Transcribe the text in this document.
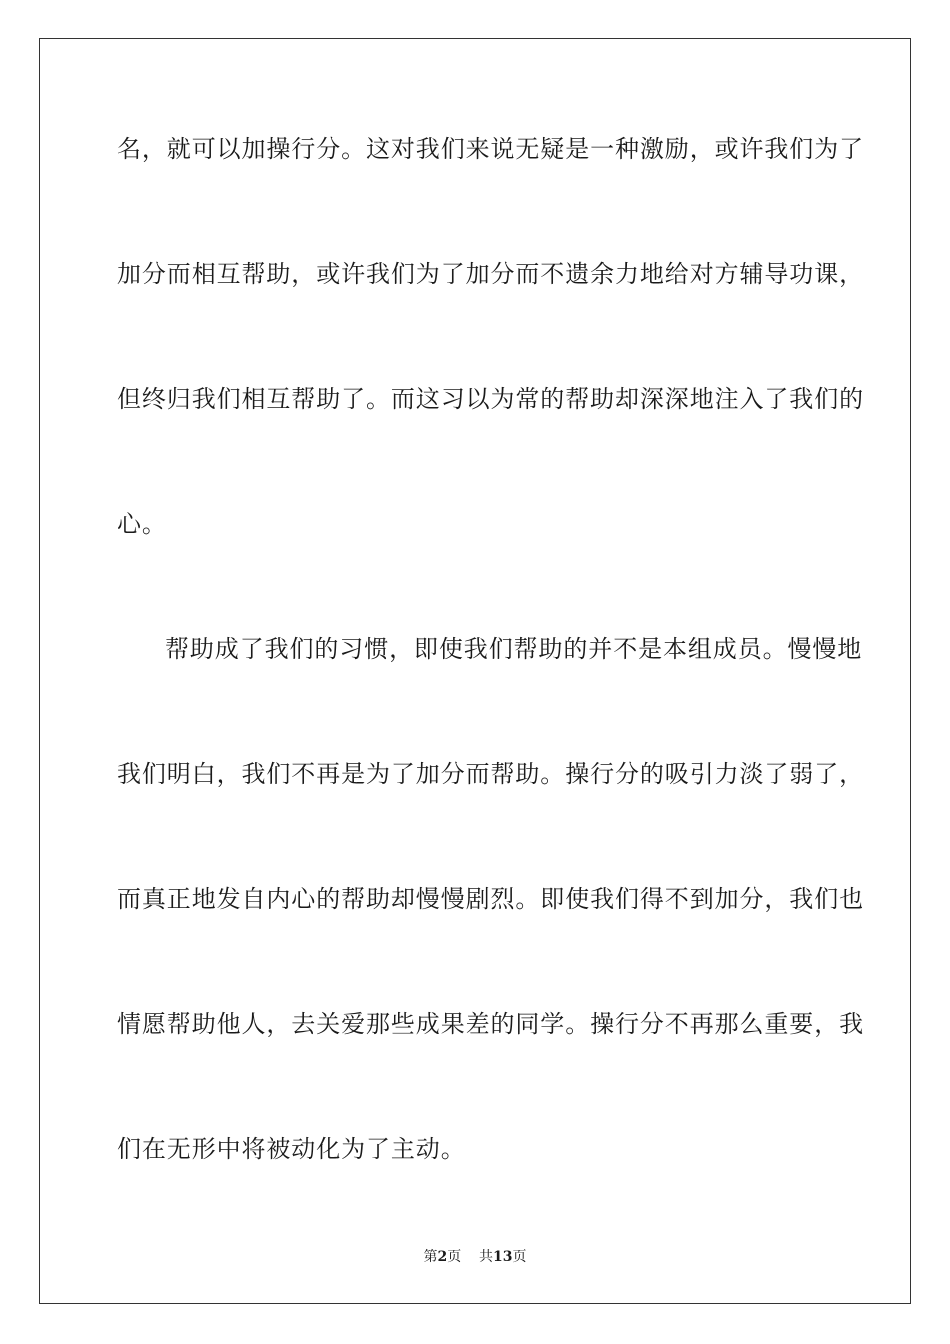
名，就可以加操行分。这对我们来说无疑是一种激励，或许我们为了
加分而相互帮助，或许我们为了加分而不遗余力地给对方辅导功课，
但终归我们相互帮助了。而这习以为常的帮助却深深地注入了我们的
心。
帮助成了我们的习惯，即使我们帮助的并不是本组成员。慢慢地
我们明白，我们不再是为了加分而帮助。操行分的吸引力淡了弱了，
而真正地发自内心的帮助却慢慢剧烈。即使我们得不到加分，我们也
情愿帮助他人，去关爱那些成果差的同学。操行分不再那么重要，我
们在无形中将被动化为了主动。
第2页 共13页
